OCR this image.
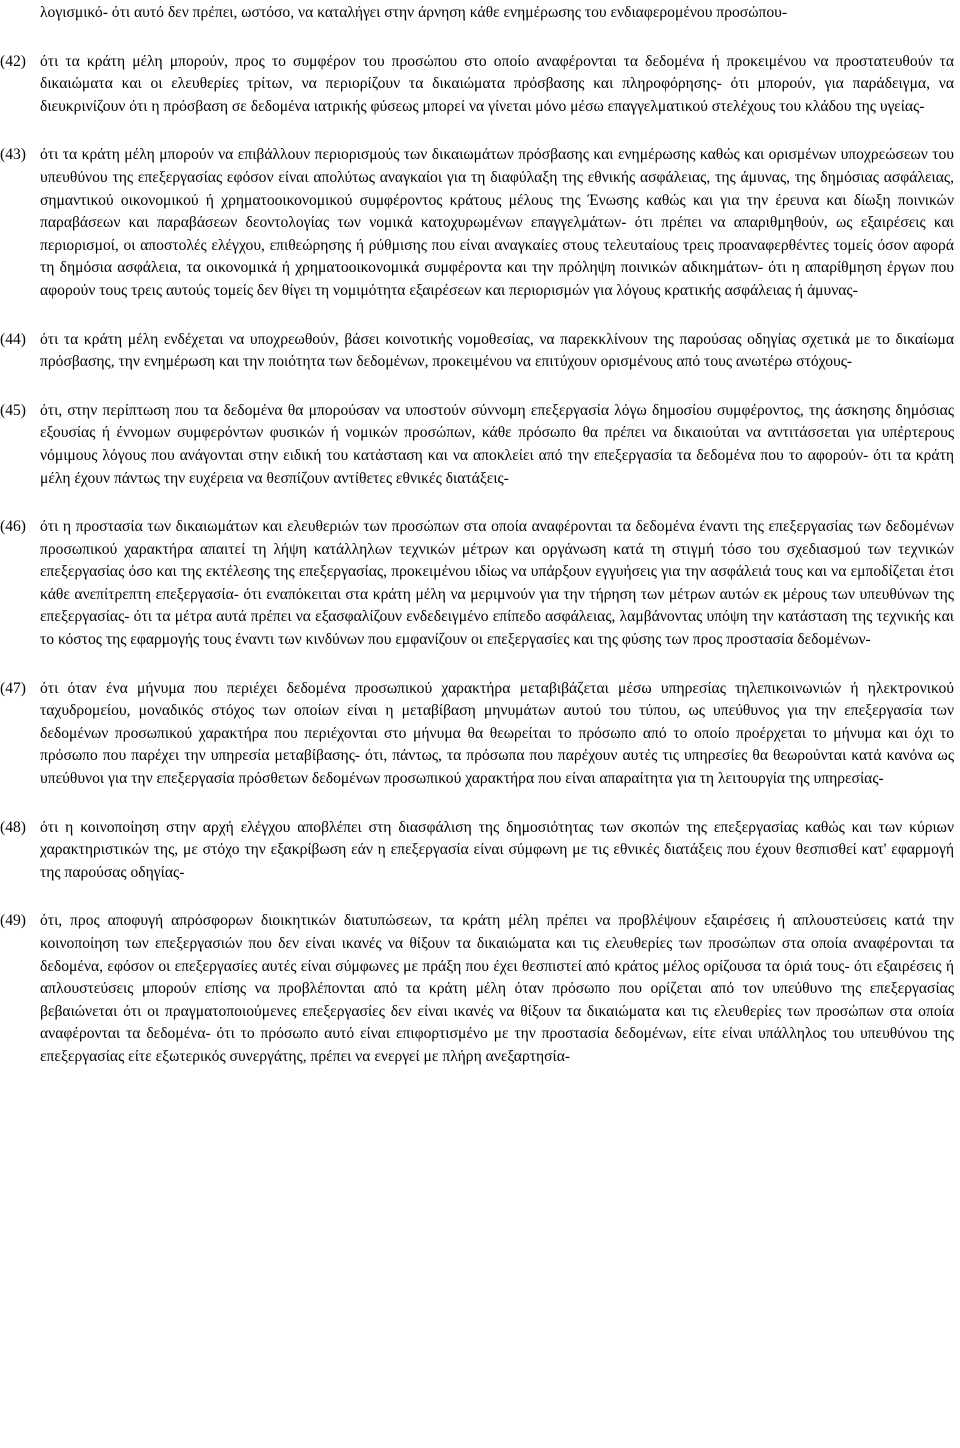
λογισμικό- ότι αυτό δεν πρέπει, ωστόσο, να καταλήγει στην άρνηση κάθε ενημέρωσης του ενδιαφερομένου προσώπου-

(42) ότι τα κράτη μέλη μπορούν, προς το συμφέρον του προσώπου στο οποίο αναφέρονται τα δεδομένα ή προκειμένου να προστατευθούν τα δικαιώματα και οι ελευθερίες τρίτων, να περιορίζουν τα δικαιώματα πρόσβασης και πληροφόρησης- ότι μπορούν, για παράδειγμα, να διευκρινίζουν ότι η πρόσβαση σε δεδομένα ιατρικής φύσεως μπορεί να γίνεται μόνο μέσω επαγγελματικού στελέχους του κλάδου της υγείας-
(43) ότι τα κράτη μέλη μπορούν να επιβάλλουν περιορισμούς των δικαιωμάτων πρόσβασης και ενημέρωσης καθώς και ορισμένων υποχρεώσεων του υπευθύνου της επεξεργασίας εφόσον είναι απολύτως αναγκαίοι για τη διαφύλαξη της εθνικής ασφάλειας, της άμυνας, της δημόσιας ασφάλειας, σημαντικού οικονομικού ή χρηματοοικονομικού συμφέροντος κράτους μέλους της Ένωσης καθώς και για την έρευνα και δίωξη ποινικών παραβάσεων και παραβάσεων δεοντολογίας των νομικά κατοχυρωμένων επαγγελμάτων- ότι πρέπει να απαριθμηθούν, ως εξαιρέσεις και περιορισμοί, οι αποστολές ελέγχου, επιθεώρησης ή ρύθμισης που είναι αναγκαίες στους τελευταίους τρεις προαναφερθέντες τομείς όσον αφορά τη δημόσια ασφάλεια, τα οικονομικά ή χρηματοοικονομικά συμφέροντα και την πρόληψη ποινικών αδικημάτων- ότι η απαρίθμηση έργων που αφορούν τους τρεις αυτούς τομείς δεν θίγει τη νομιμότητα εξαιρέσεων και περιορισμών για λόγους κρατικής ασφάλειας ή άμυνας-
(44) ότι τα κράτη μέλη ενδέχεται να υποχρεωθούν, βάσει κοινοτικής νομοθεσίας, να παρεκκλίνουν της παρούσας οδηγίας σχετικά με το δικαίωμα πρόσβασης, την ενημέρωση και την ποιότητα των δεδομένων, προκειμένου να επιτύχουν ορισμένους από τους ανωτέρω στόχους-
(45) ότι, στην περίπτωση που τα δεδομένα θα μπορούσαν να υποστούν σύννομη επεξεργασία λόγω δημοσίου συμφέροντος, της άσκησης δημόσιας εξουσίας ή έννομων συμφερόντων φυσικών ή νομικών προσώπων, κάθε πρόσωπο θα πρέπει να δικαιούται να αντιτάσσεται για υπέρτερους νόμιμους λόγους που ανάγονται στην ειδική του κατάσταση και να αποκλείει από την επεξεργασία τα δεδομένα που το αφορούν- ότι τα κράτη μέλη έχουν πάντως την ευχέρεια να θεσπίζουν αντίθετες εθνικές διατάξεις-
(46) ότι η προστασία των δικαιωμάτων και ελευθεριών των προσώπων στα οποία αναφέρονται τα δεδομένα έναντι της επεξεργασίας των δεδομένων προσωπικού χαρακτήρα απαιτεί τη λήψη κατάλληλων τεχνικών μέτρων και οργάνωση κατά τη στιγμή τόσο του σχεδιασμού των τεχνικών επεξεργασίας όσο και της εκτέλεσης της επεξεργασίας, προκειμένου ιδίως να υπάρξουν εγγυήσεις για την ασφάλειά τους και να εμποδίζεται έτσι κάθε ανεπίτρεπτη επεξεργασία- ότι εναπόκειται στα κράτη μέλη να μεριμνούν για την τήρηση των μέτρων αυτών εκ μέρους των υπευθύνων της επεξεργασίας- ότι τα μέτρα αυτά πρέπει να εξασφαλίζουν ενδεδειγμένο επίπεδο ασφάλειας, λαμβάνοντας υπόψη την κατάσταση της τεχνικής και το κόστος της εφαρμογής τους έναντι των κινδύνων που εμφανίζουν οι επεξεργασίες και της φύσης των προς προστασία δεδομένων-
(47) ότι όταν ένα μήνυμα που περιέχει δεδομένα προσωπικού χαρακτήρα μεταβιβάζεται μέσω υπηρεσίας τηλεπικοινωνιών ή ηλεκτρονικού ταχυδρομείου, μοναδικός στόχος των οποίων είναι η μεταβίβαση μηνυμάτων αυτού του τύπου, ως υπεύθυνος για την επεξεργασία των δεδομένων προσωπικού χαρακτήρα που περιέχονται στο μήνυμα θα θεωρείται το πρόσωπο από το οποίο προέρχεται το μήνυμα και όχι το πρόσωπο που παρέχει την υπηρεσία μεταβίβασης- ότι, πάντως, τα πρόσωπα που παρέχουν αυτές τις υπηρεσίες θα θεωρούνται κατά κανόνα ως υπεύθυνοι για την επεξεργασία πρόσθετων δεδομένων προσωπικού χαρακτήρα που είναι απαραίτητα για τη λειτουργία της υπηρεσίας-
(48) ότι η κοινοποίηση στην αρχή ελέγχου αποβλέπει στη διασφάλιση της δημοσιότητας των σκοπών της επεξεργασίας καθώς και των κύριων χαρακτηριστικών της, με στόχο την εξακρίβωση εάν η επεξεργασία είναι σύμφωνη με τις εθνικές διατάξεις που έχουν θεσπισθεί κατ' εφαρμογή της παρούσας οδηγίας-
(49) ότι, προς αποφυγή απρόσφορων διοικητικών διατυπώσεων, τα κράτη μέλη πρέπει να προβλέψουν εξαιρέσεις ή απλουστεύσεις κατά την κοινοποίηση των επεξεργασιών που δεν είναι ικανές να θίξουν τα δικαιώματα και τις ελευθερίες των προσώπων στα οποία αναφέρονται τα δεδομένα, εφόσον οι επεξεργασίες αυτές είναι σύμφωνες με πράξη που έχει θεσπιστεί από κράτος μέλος ορίζουσα τα όριά τους- ότι εξαιρέσεις ή απλουστεύσεις μπορούν επίσης να προβλέπονται από τα κράτη μέλη όταν πρόσωπο που ορίζεται από τον υπεύθυνο της επεξεργασίας βεβαιώνεται ότι οι πραγματοποιούμενες επεξεργασίες δεν είναι ικανές να θίξουν τα δικαιώματα και τις ελευθερίες των προσώπων στα οποία αναφέρονται τα δεδομένα- ότι το πρόσωπο αυτό είναι επιφορτισμένο με την προστασία δεδομένων, είτε είναι υπάλληλος του υπευθύνου της επεξεργασίας είτε εξωτερικός συνεργάτης, πρέπει να ενεργεί με πλήρη ανεξαρτησία-
